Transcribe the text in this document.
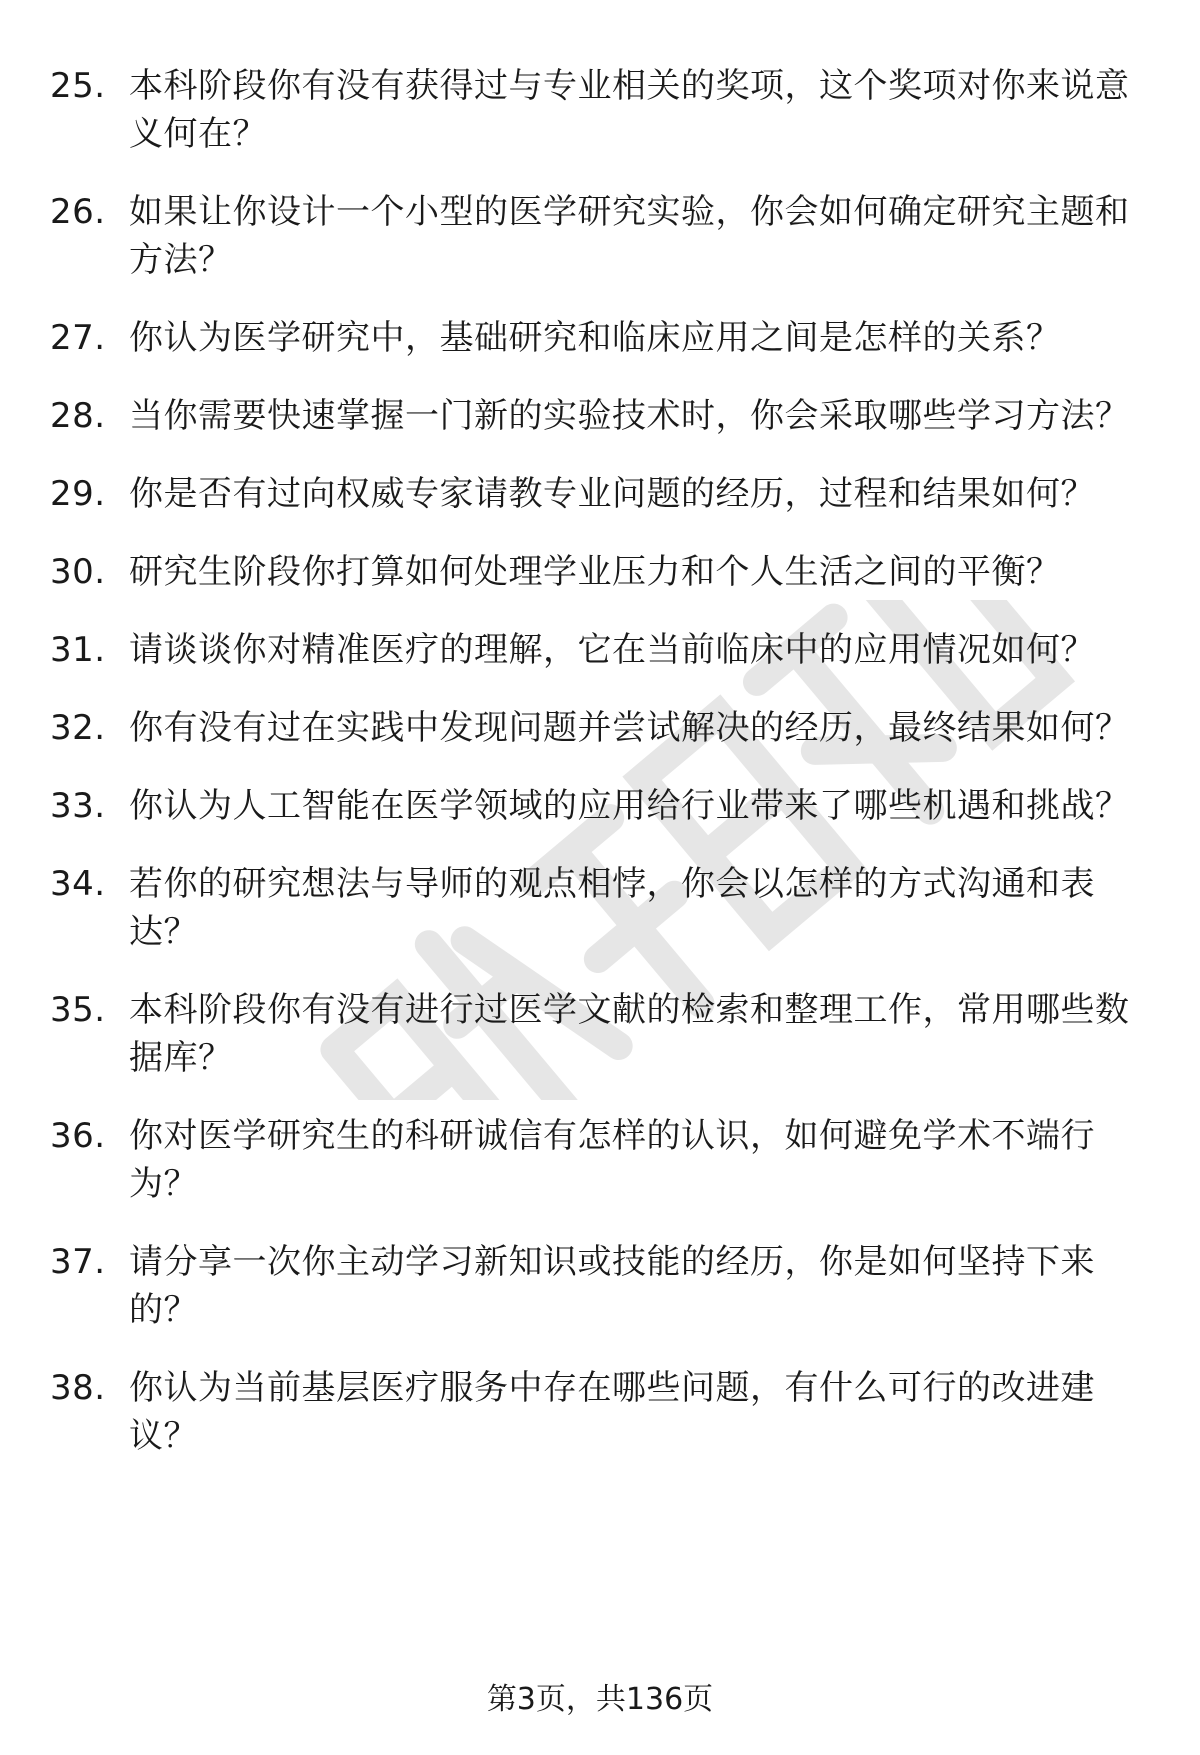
25. 本科阶段你有没有获得过与专业相关的奖项，这个奖项对你来说意义何在？
26. 如果让你设计一个小型的医学研究实验，你会如何确定研究主题和方法？
27. 你认为医学研究中，基础研究和临床应用之间是怎样的关系？
28. 当你需要快速掌握一门新的实验技术时，你会采取哪些学习方法？
29. 你是否有过向权威专家请教专业问题的经历，过程和结果如何？
30. 研究生阶段你打算如何处理学业压力和个人生活之间的平衡？
31. 请谈谈你对精准医疗的理解，它在当前临床中的应用情况如何？
32. 你有没有过在实践中发现问题并尝试解决的经历，最终结果如何？
33. 你认为人工智能在医学领域的应用给行业带来了哪些机遇和挑战？
34. 若你的研究想法与导师的观点相悖，你会以怎样的方式沟通和表达？
35. 本科阶段你有没有进行过医学文献的检索和整理工作，常用哪些数据库？
36. 你对医学研究生的科研诚信有怎样的认识，如何避免学术不端行为？
37. 请分享一次你主动学习新知识或技能的经历，你是如何坚持下来的？
38. 你认为当前基层医疗服务中存在哪些问题，有什么可行的改进建议？
第3页，共136页
